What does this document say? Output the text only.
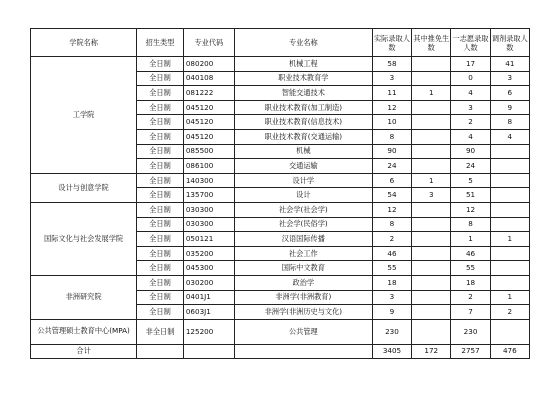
学院名称	招生类型	专业代码	专业名称	实际录取人数	其中推免生数	一志愿录取人数	调剂录取人数
工学院	全日制	080200	机械工程	58		17	41
	全日制	040108	职业技术教育学	3		0	3
	全日制	081222	智能交通技术	11	1	4	6
	全日制	045120	职业技术教育(加工制造)	12		3	9
	全日制	045120	职业技术教育(信息技术)	10		2	8
	全日制	045120	职业技术教育(交通运输)	8		4	4
	全日制	085500	机械	90		90	
	全日制	086100	交通运输	24		24	
设计与创意学院	全日制	140300	设计学	6	1	5	
	全日制	135700	设计	54	3	51	
国际文化与社会发展学院	全日制	030300	社会学(社会学)	12		12	
	全日制	030300	社会学(民俗学)	8		8	
	全日制	050121	汉语国际传播	2		1	1
	全日制	035200	社会工作	46		46	
	全日制	045300	国际中文教育	55		55	
非洲研究院	全日制	030200	政治学	18		18	
	全日制	0401J1	非洲学(非洲教育)	3		2	1
	全日制	0603J1	非洲学(非洲历史与文化)	9		7	2
公共管理硕士教育中心(MPA)	非全日制	125200	公共管理	230		230	
合计				3405	172	2757	476
